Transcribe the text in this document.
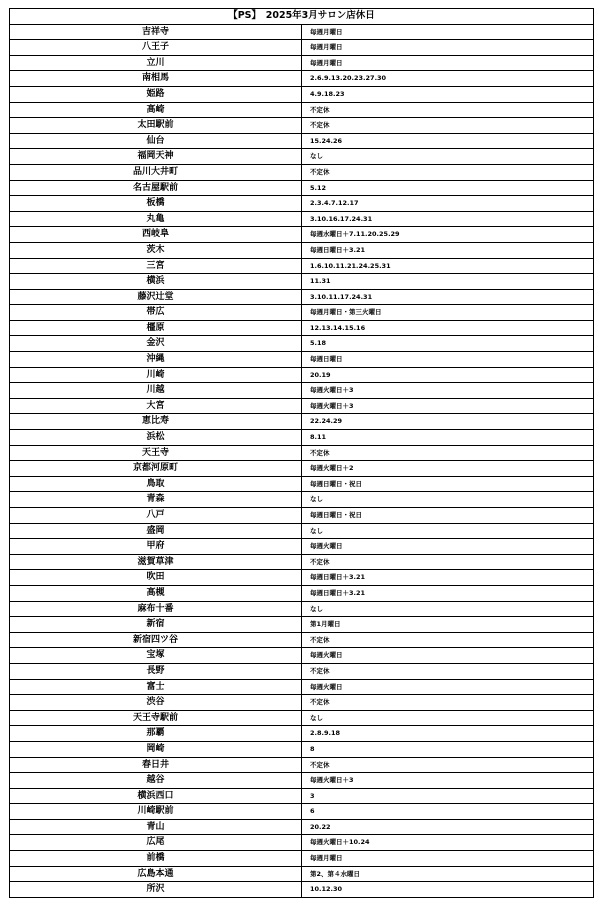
【PS】　2025年3月サロン店休日	
吉祥寺	毎週月曜日
八王子	毎週月曜日
立川	毎週月曜日
南相馬	2.6.9.13.20.23.27.30
姫路	4.9.18.23
高崎	不定休
太田駅前	不定休
仙台	15.24.26
福岡天神	なし
品川大井町	不定休
名古屋駅前	5.12
板橋	2.3.4.7.12.17
丸亀	3.10.16.17.24.31
西岐阜	毎週水曜日＋7.11.20.25.29
茨木	毎週日曜日＋3.21
三宮	1.6.10.11.21.24.25.31
横浜	11.31
藤沢辻堂	3.10.11.17.24.31
帯広	毎週月曜日・第三火曜日
橿原	12.13.14.15.16
金沢	5.18
沖縄	毎週日曜日
川崎	20.19
川越	毎週火曜日＋3
大宮	毎週火曜日＋3
恵比寿	22.24.29
浜松	8.11
天王寺	不定休
京都河原町	毎週火曜日＋2
鳥取	毎週日曜日・祝日
青森	なし
八戸	毎週日曜日・祝日
盛岡	なし
甲府	毎週火曜日
滋賀草津	不定休
吹田	毎週日曜日＋3.21
高槻	毎週日曜日＋3.21
麻布十番	なし
新宿	第1月曜日
新宿四ツ谷	不定休
宝塚	毎週火曜日
長野	不定休
富士	毎週火曜日
渋谷	不定休
天王寺駅前	なし
那覇	2.8.9.18
岡崎	8
春日井	不定休
越谷	毎週火曜日＋3
横浜西口	3
川崎駅前	6
青山	20.22
広尾	毎週火曜日＋10.24
前橋	毎週月曜日
広島本通	第2、第４水曜日
所沢	10.12.30
